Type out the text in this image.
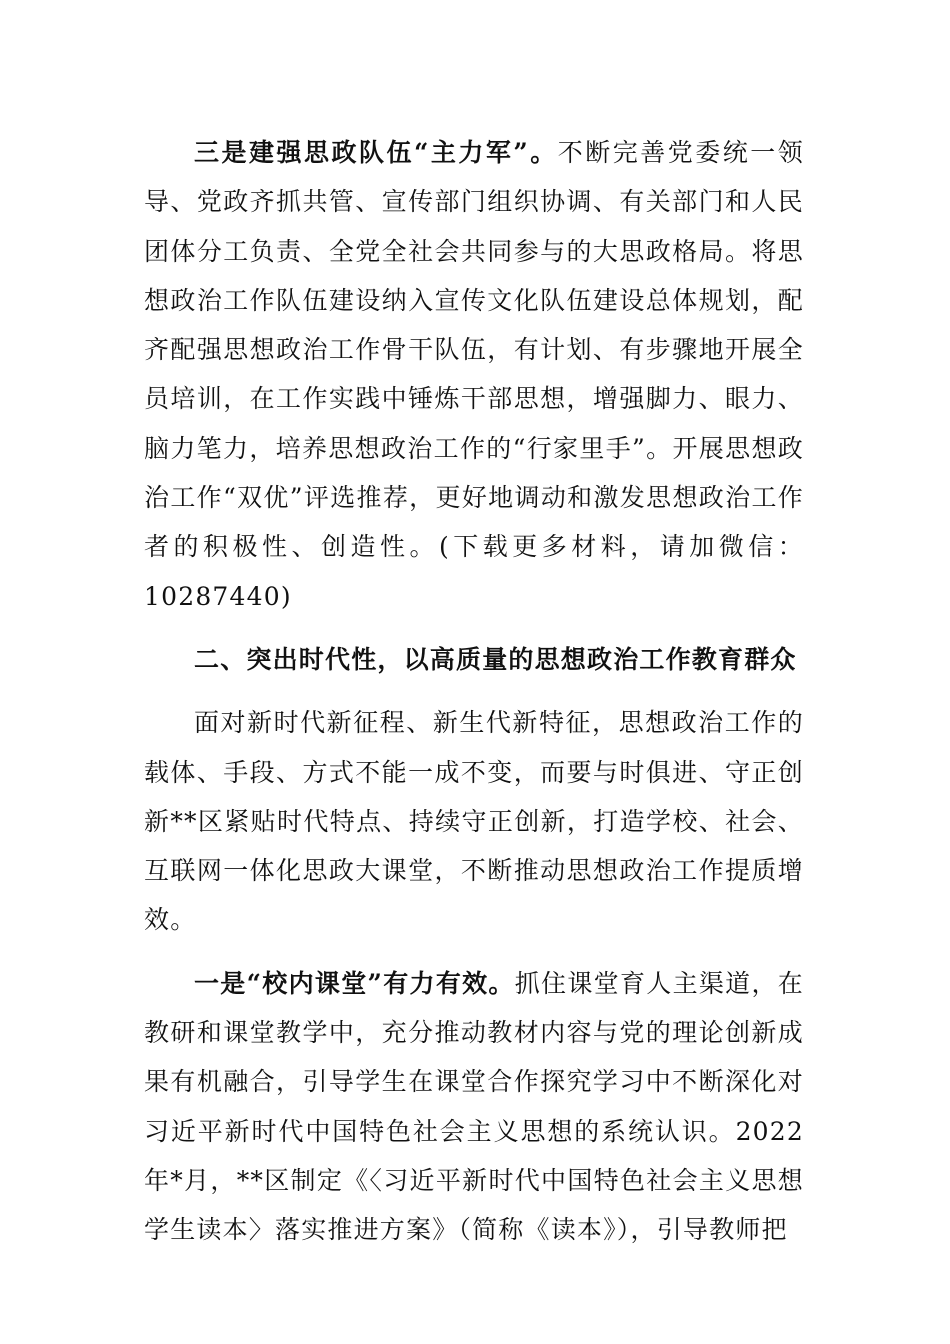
三是建强思政队伍“主力军”。不断完善党委统一领导、党政齐抓共管、宣传部门组织协调、有关部门和人民团体分工负责、全党全社会共同参与的大思政格局。将思想政治工作队伍建设纳入宣传文化队伍建设总体规划，配齐配强思想政治工作骨干队伍，有计划、有步骤地开展全员培训，在工作实践中锤炼干部思想，增强脚力、眼力、脑力笔力，培养思想政治工作的“行家里手”。开展思想政治工作“双优”评选推荐，更好地调动和激发思想政治工作者的积极性、创造性。(下载更多材料，请加微信：10287440)

二、突出时代性，以高质量的思想政治工作教育群众

面对新时代新征程、新生代新特征，思想政治工作的载体、手段、方式不能一成不变，而要与时俱进、守正创新**区紧贴时代特点、持续守正创新，打造学校、社会、互联网一体化思政大课堂，不断推动思想政治工作提质增效。

一是“校内课堂”有力有效。抓住课堂育人主渠道，在教研和课堂教学中，充分推动教材内容与党的理论创新成果有机融合，引导学生在课堂合作探究学习中不断深化对习近平新时代中国特色社会主义思想的系统认识。2022年*月，**区制定《〈习近平新时代中国特色社会主义思想学生读本〉落实推进方案》（简称《读本》），引导教师把
